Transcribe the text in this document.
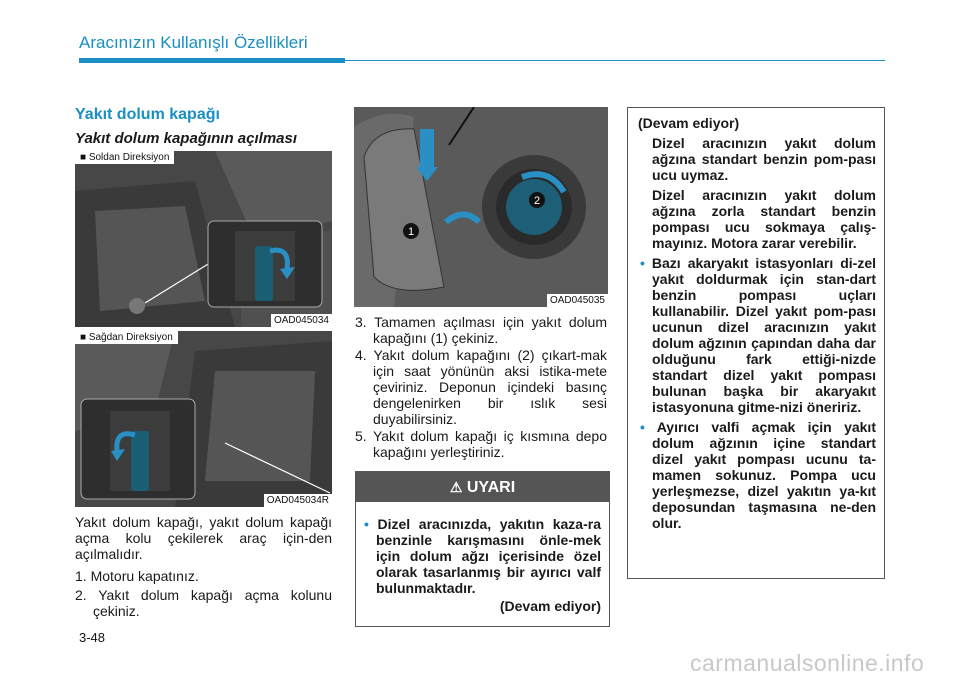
Aracınızın Kullanışlı Özellikleri
Yakıt dolum kapağı
Yakıt dolum kapağının açılması
■ Soldan Direksiyon
OAD045034
■ Sağdan Direksiyon
OAD045034R
Yakıt dolum kapağı, yakıt dolum kapağı açma kolu çekilerek araç için-den açılmalıdır.
1. Motoru kapatınız.
2. Yakıt dolum kapağı açma kolunu çekiniz.
1
2
OAD045035
3. Tamamen açılması için yakıt dolum kapağını (1) çekiniz.
4. Yakıt dolum kapağını (2) çıkart-mak için saat yönünün aksi istika-mete çeviriniz. Deponun içindeki basınç dengelenirken bir ıslık sesi duyabilirsiniz.
5. Yakıt dolum kapağı iç kısmına depo kapağını yerleştiriniz.
⚠ UYARI
• Dizel aracınızda, yakıtın kaza-ra benzinle karışmasını önle-mek için dolum ağzı içerisinde özel olarak tasarlanmış bir ayırıcı valf bulunmaktadır.
(Devam ediyor)
(Devam ediyor)
Dizel aracınızın yakıt dolum ağzına standart benzin pom-pası ucu uymaz.
Dizel aracınızın yakıt dolum ağzına zorla standart benzin pompası ucu sokmaya çalış-mayınız. Motora zarar verebilir.
• Bazı akaryakıt istasyonları di-zel yakıt doldurmak için stan-dart benzin pompası uçları kullanabilir. Dizel yakıt pom-pası ucunun dizel aracınızın yakıt dolum ağzının çapından daha dar olduğunu fark ettiği-nizde standart dizel yakıt pompası bulunan başka bir akaryakıt istasyonuna gitme-nizi öneririz.
• Ayırıcı valfi açmak için yakıt dolum ağzının içine standart dizel yakıt pompası ucunu ta-mamen sokunuz. Pompa ucu yerleşmezse, dizel yakıtın ya-kıt deposundan taşmasına ne-den olur.
3-48
carmanualsonline.info
